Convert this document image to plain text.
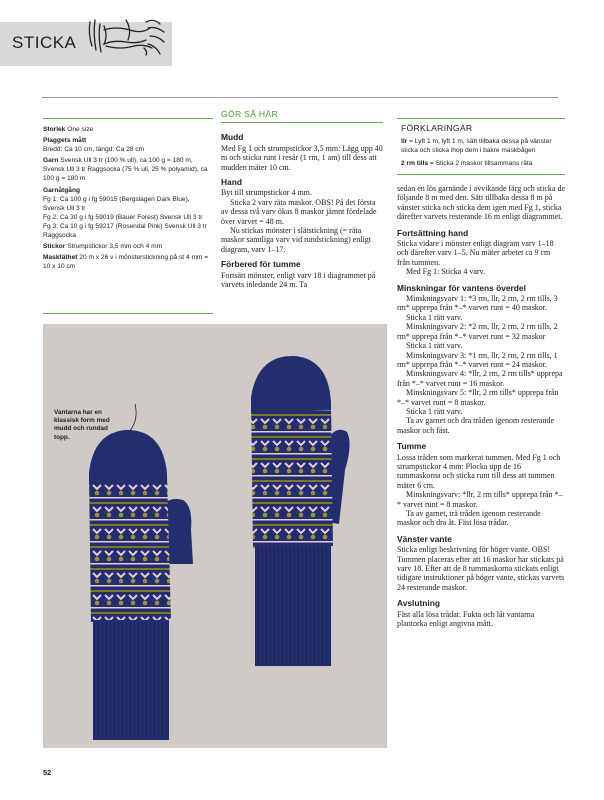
STICKA

Storlek One size

Plaggets mått

Bredd: Ca 10 cm, längd: Ca 28 cm

Garn Svensk Ull 3 tr (100 % ull), ca 100 g = 180 m, Svensk Ull 3 tr Raggsocka (75 % ull, 25 % polyamid), ca 100 g = 180 m

Garnåtgång

Fg 1: Ca 100 g i fg 59015 (Bergslagen Dark Blue), Svensk Ull 3 tr

Fg 2: Ca 30 g i fg 59019 (Bauer Forest) Svensk Ull 3 tr

Fg 3: Ca 10 g i fg 59217 (Rosendal Pink) Svensk Ull 3 tr Raggsocka

Stickor Strumpstickor 3,5 mm och 4 mm

Masktäthet 20 m x 26 v i mönsterstickning på st 4 mm = 10 x 10 cm

GÖR SÅ HÄR
Mudd

Med Fg 1 och strumpstickor 3,5 mm: Lägg upp 40 m och sticka runt i resår (1 rm, 1 am) till dess att mudden mäter 10 cm.

Hand

Byt till strumpstickor 4 mm.

Sticka 2 varv räta maskor. OBS! På det första av dessa två varv ökas 8 maskor jämnt fördelade över varvet = 48 m.

Nu stickas mönster i slätstickning (= räta maskor samtliga varv vid rundstickning) enligt diagram, varv 1–17.

Förbered för tumme

Fortsätt mönster, enligt varv 18 i diagrammet på varvets inledande 24 m. Ta

FÖRKLARINGAR

llr = Lyft 1 m, lyft 1 m, sätt tillbaka dessa på vänster sticka och sticka ihop dem i bakre maskbågen

2 rm tills = Sticka 2 maskor tillsammans räta

sedan en lös garnände i avvikande färg och sticka de följande 8 m med den. Sätt tillbaka dessa 8 m på vänster sticka och sticka dem igen med Fg 1, sticka därefter varvets resterande 16 m enligt diagrammet.

Fortsättning hand

Sticka vidare i mönster enligt diagram varv 1–18 och därefter varv 1–5. Nu mäter arbetet ca 9 cm från tummen.

Med Fg 1: Sticka 4 varv.

Minskningar för vantens överdel

Minskningsvarv 1: *3 rm, llr, 2 rm, 2 rm tills, 3 rm* upprepa från *–* varvet runt = 40 maskor.

Sticka 1 rätt varv.

Minskningsvarv 2: *2 rm, llr, 2 rm, 2 rm tills, 2 rm* upprepa från *–* varvet runt = 32 maskor

Sticka 1 rätt varv.

Minskningsvarv 3: *1 rm, llr, 2 rm, 2 rm tills, 1 rm* upprepa från *–* varvet runt = 24 maskor.

Minskningsvarv 4: *llr, 2 rm, 2 rm tills* upprepa från *–* varvet runt = 16 maskor.

Minskningsvarv 5: *llr, 2 rm tills* upprepa från *–* varvet runt = 8 maskor.

Sticka 1 rätt varv.

Ta av garnet och dra tråden igenom resterande maskor och fäst.

Tumme

Lossa tråden som markerat tummen. Med Fg 1 och strumpstickor 4 mm: Plocka upp de 16 tummaskorna och sticka runt till dess att tummen mäter 6 cm.

Minskningsvarv: *llr, 2 rm tills* upprepa från *–* varvet runt = 8 maskor.

Ta av garnet, trä tråden igenom resterande maskor och dra åt. Fäst lösa trådar.

Vänster vante

Sticka enligt beskrivning för höger vante. OBS! Tummen placeras efter att 16 maskor har stickats på varv 18. Efter att de 8 tummaskorna stickats enligt tidigare instruktioner på höger vante, stickas varvets 24 resterande maskor.

Avslutning

Fäst alla lösa trådar. Fukta och låt vantarna plantorka enligt angivna mått.

Vantarna har en klassisk form med mudd och rundad topp.
52
PassionForum.ru
